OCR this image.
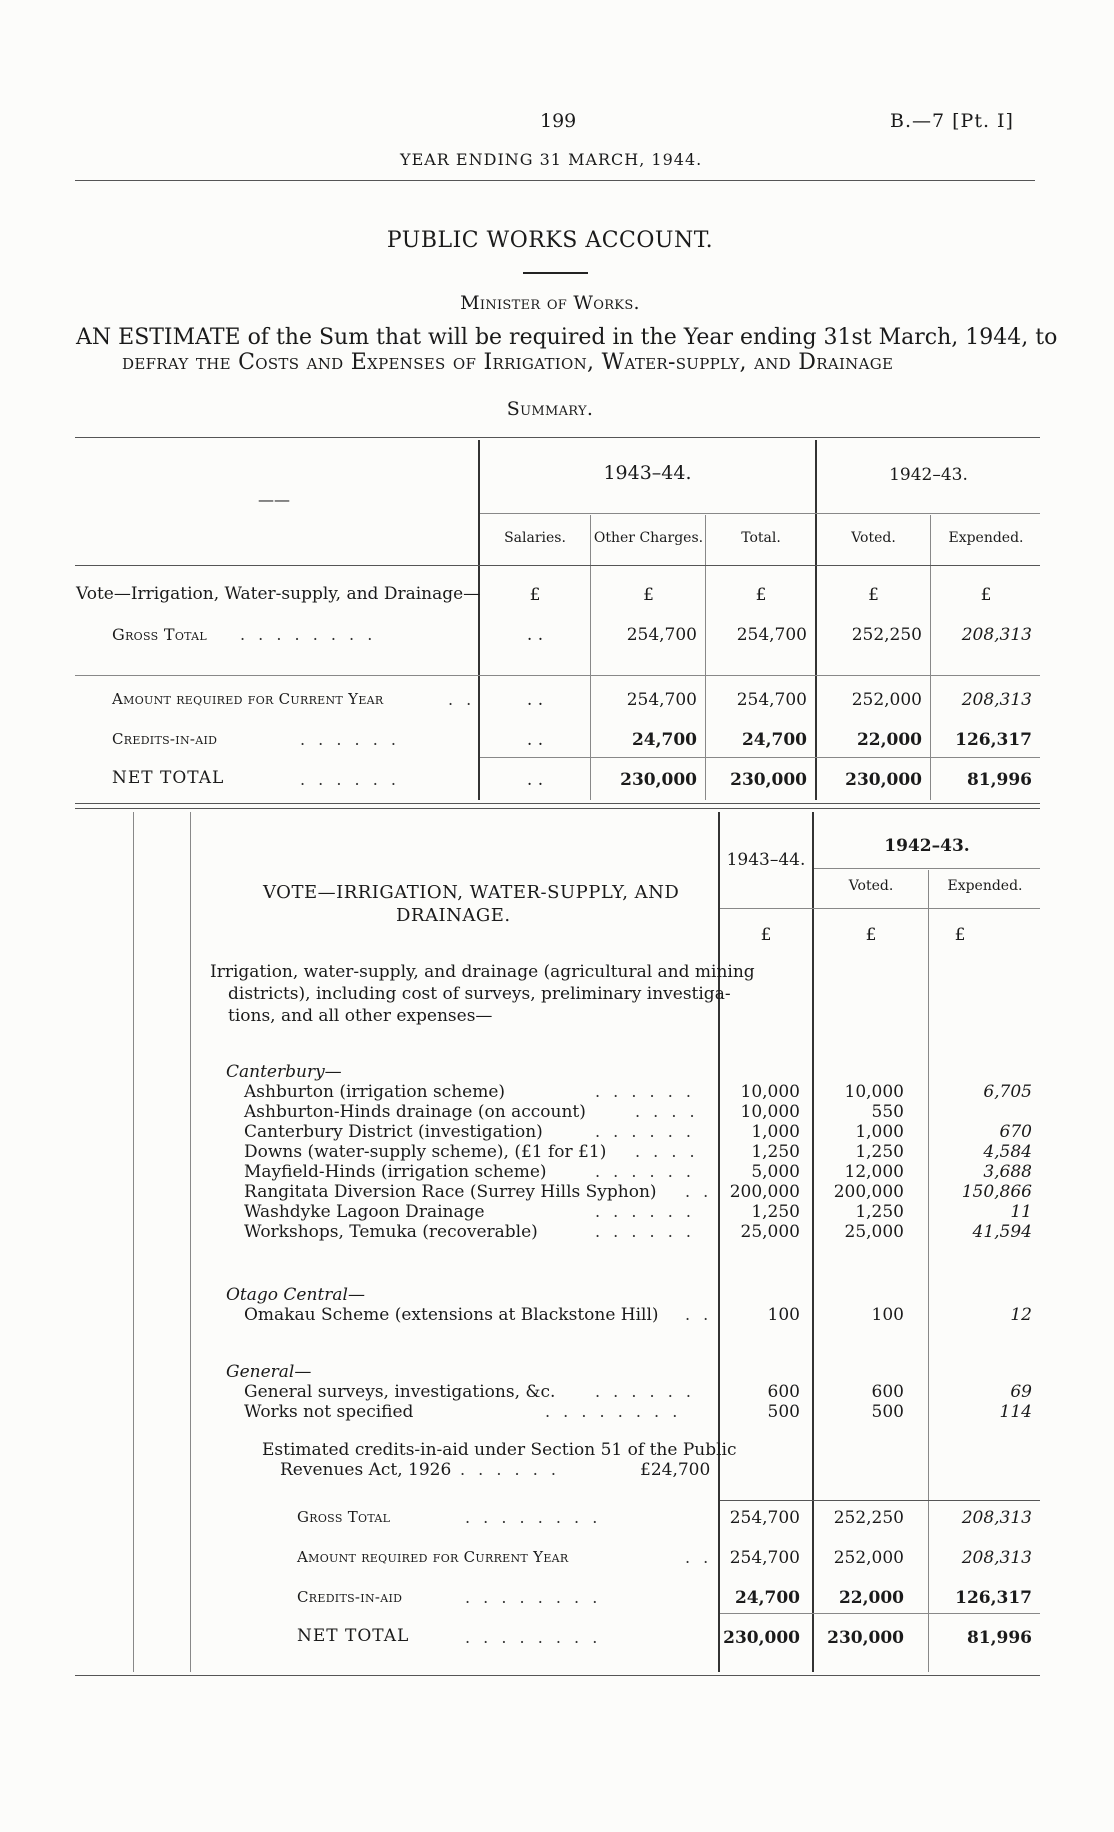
199	B.—7 [Pt. I]
YEAR ENDING 31 MARCH, 1944.
PUBLIC WORKS ACCOUNT.
Minister of Works.
AN ESTIMATE of the Sum that will be required in the Year ending 31st March, 1944, to
defray the Costs and Expenses of Irrigation, Water-supply, and Drainage
Summary.
——
1943–44.	1942–43.
Salaries.	Other Charges.	Total.	Voted.	Expended.
Vote—Irrigation, Water-supply, and Drainage—	£	£	£	£	£
Gross Total . . . . . . . .	. .	254,700	254,700	252,250	208,313
Amount required for Current Year	. .	. .	254,700	254,700	252,000	208,313
Credits-in-aid	. . . . . .	. .	24,700	24,700	22,000	126,317
NET TOTAL	. . . . . .	. .	230,000	230,000	230,000	81,996
1943–44.
1942–43.
Voted.	Expended.
VOTE—IRRIGATION, WATER-SUPPLY, AND
DRAINAGE.
£	£	£
Irrigation, water-supply, and drainage (agricultural and mining
districts), including cost of surveys, preliminary investiga-
tions, and all other expenses—
Canterbury—
Ashburton (irrigation scheme)	. . . . . .	10,000	10,000	6,705
Ashburton-Hinds drainage (on account)	. . . .	10,000	550
Canterbury District (investigation)	. . . . . .	1,000	1,000	670
Downs (water-supply scheme), (£1 for £1) . . . .	1,250	1,250	4,584
Mayfield-Hinds (irrigation scheme)	. . . . . .	5,000	12,000	3,688
Rangitata Diversion Race (Surrey Hills Syphon) . .	200,000	200,000	150,866
Washdyke Lagoon Drainage	. . . . . .	1,250	1,250	11
Workshops, Temuka (recoverable)	. . . . . .	25,000	25,000	41,594
Otago Central—
Omakau Scheme (extensions at Blackstone Hill) . .	100	100	12
General—
General surveys, investigations, &c. . . . . . .	600	600	69
Works not specified	. . . . . . . .	500	500	114
Estimated credits-in-aid under Section 51 of the Public
Revenues Act, 1926 . . . . . .	£24,700
Gross Total	. . . . . . . .	254,700	252,250	208,313
Amount required for Current Year	. .	254,700	252,000	208,313
Credits-in-aid	. . . . . . . .	24,700	22,000	126,317
NET TOTAL	. . . . . . . .	230,000	230,000	81,996
